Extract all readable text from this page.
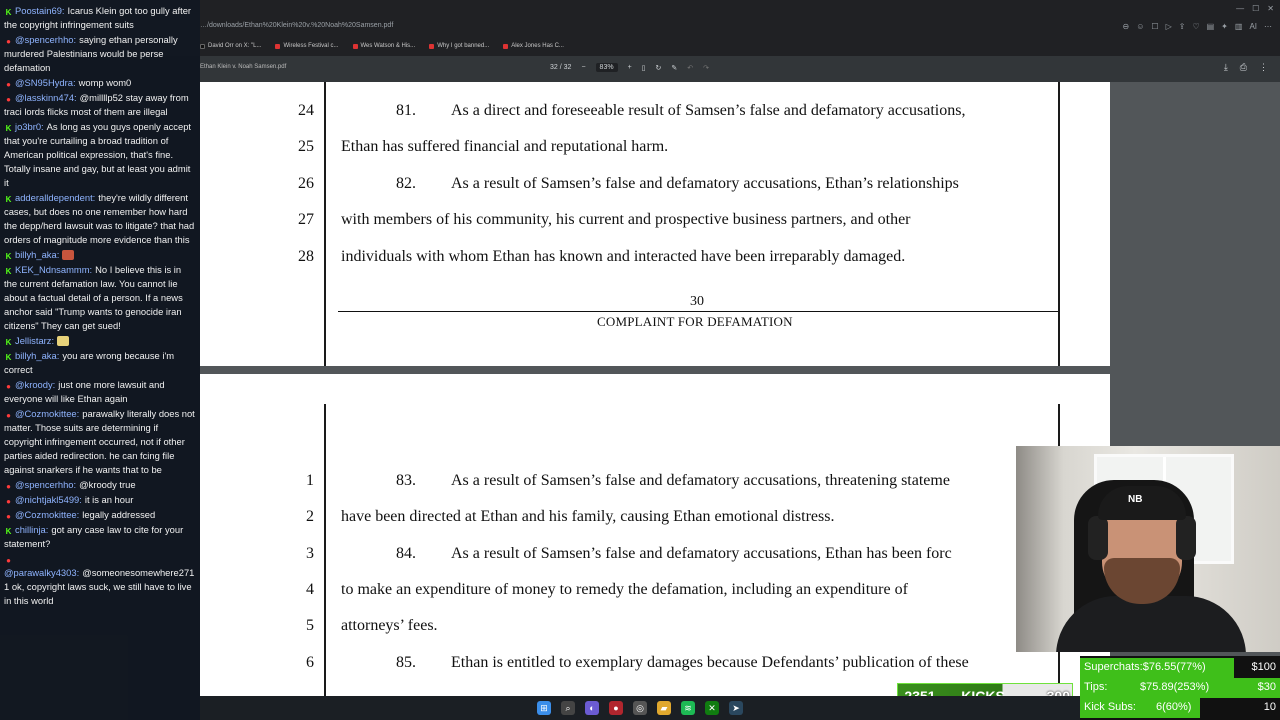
— ☐ ✕
…/downloads/Ethan%20Klein%20v.%20Noah%20Samsen.pdf	⊖ ☺ ☐ ▷ ⇪ ♡ ▤ ✦ ▥ AI ⋯
David Orr on X: "L...	Wireless Festival c...	Wes Watson & His...	Why I got banned...	Alex Jones Has C...
Ethan Klein v. Noah Samsen.pdf	32 / 32 −	83%	+ ▯ ↻ ✎ ↶ ↷	⤓ ⎙ ⋮
24	81. As a direct and foreseeable result of Samsen’s false and defamatory accusations,
25 Ethan has suffered financial and reputational harm.
26	82. As a result of Samsen’s false and defamatory accusations, Ethan’s relationships
27 with members of his community, his current and prospective business partners, and other
28 individuals with whom Ethan has known and interacted have been irreparably damaged.
30
COMPLAINT FOR DEFAMATION
1	83. As a result of Samsen’s false and defamatory accusations, threatening stateme
2 have been directed at Ethan and his family, causing Ethan emotional distress.
3	84. As a result of Samsen’s false and defamatory accusations, Ethan has been forc
4 to make an expenditure of money to remedy the defamation, including an expenditure of
5 attorneys’ fees.
6	85. Ethan is entitled to exemplary damages because Defendants’ publication of these
K Poostain69: Icarus Klein got too gully after the copyright infringement suits
● @spencerhho: saying ethan personally murdered Palestinians would be perse defamation
● @SN95Hydra: womp wom0
● @lasskinn474: @millllp52 stay away from traci lords flicks most of them are illegal
K jo3br0: As long as you guys openly accept that you're curtailing a broad tradition of American political expression, that's fine. Totally insane and gay, but at least you admit it
K adderalldependent: they're wildly different cases, but does no one remember how hard the depp/herd lawsuit was to litigate? that had orders of magnitude more evidence than this
K billyh_aka:
K KEK_Ndnsammm: No I believe this is in the current defamation law. You cannot lie about a factual detail of a person. If a news anchor said "Trump wants to genocide iran citizens" They can get sued!
K Jellistarz:
K billyh_aka: you are wrong because i'm correct
● @kroody: just one more lawsuit and everyone will like Ethan again
● @Cozmokittee: parawalky literally does not matter. Those suits are determining if copyright infringement occurred, not if other parties aided redirection. he can fcing file against snarkers if he wants that to be
● @spencerhho: @kroody true
● @nichtjakl5499: it is an hour
● @Cozmokittee: legally addressed
K chillinja: got any case law to cite for your statement?
●@parawalky4303: @someonesomewhere2711 ok, copyright laws suck, we still have to live in this world
NB
Superchats:$76.55(77%)	$100
Tips:	$75.89(253%)	$30
Kick Subs: 6(60%)	10
⊞	⌕	◐	●	◎	▰	≋	✕	➤
